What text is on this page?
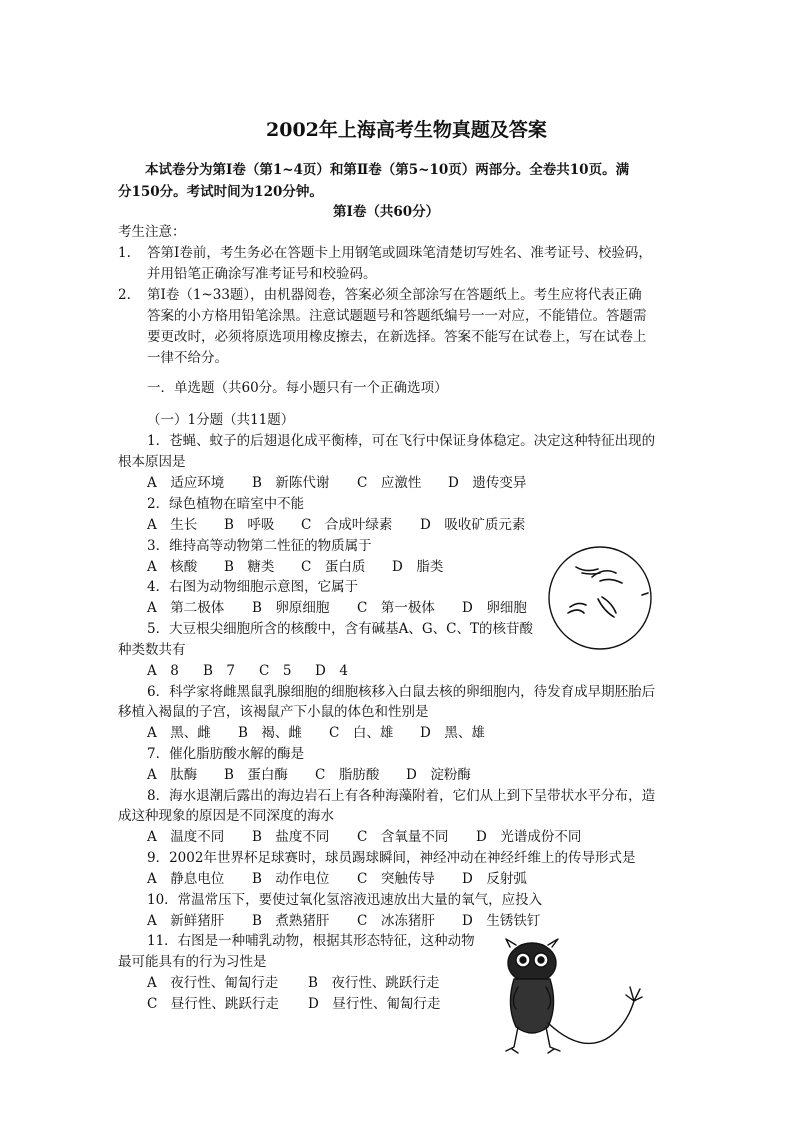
2002年上海高考生物真题及答案
本试卷分为第Ⅰ卷（第1~4页）和第Ⅱ卷（第5~10页）两部分。全卷共10页。满
分150分。考试时间为120分钟。
第Ⅰ卷（共60分）
考生注意：
1. 答第Ⅰ卷前，考生务必在答题卡上用钢笔或圆珠笔清楚切写姓名、准考证号、校验码，
并用铅笔正确涂写准考证号和校验码。
2. 第Ⅰ卷（1~33题），由机器阅卷，答案必须全部涂写在答题纸上。考生应将代表正确
答案的小方格用铅笔涂黑。注意试题题号和答题纸编号一一对应，不能错位。答题需
要更改时，必须将原选项用橡皮擦去，在新选择。答案不能写在试卷上，写在试卷上
一律不给分。
一．单选题（共60分。每小题只有一个正确选项）
（一）1分题（共11题）
1．苍蝇、蚊子的后翅退化成平衡棒，可在飞行中保证身体稳定。决定这种特征出现的
根本原因是
A　适应环境 B　新陈代谢 C　应激性 D　遗传变异
2．绿色植物在暗室中不能
A　生长 B　呼吸 C　合成叶绿素 D　吸收矿质元素
3．维持高等动物第二性征的物质属于
A　核酸 B　糖类 C　蛋白质 D　脂类
4．右图为动物细胞示意图，它属于
A　第二极体 B　卵原细胞 C　第一极体 D　卵细胞
5．大豆根尖细胞所含的核酸中，含有碱基A、G、C、T的核苷酸
种类数共有
A　8 B　7 C　5 D　4
6．科学家将雌黑鼠乳腺细胞的细胞核移入白鼠去核的卵细胞内，待发育成早期胚胎后
移植入褐鼠的子宫，该褐鼠产下小鼠的体色和性别是
A　黑、雌 B　褐、雌 C　白、雄 D　黑、雄
7．催化脂肪酸水解的酶是
A　肽酶 B　蛋白酶 C　脂肪酸 D　淀粉酶
8．海水退潮后露出的海边岩石上有各种海藻附着，它们从上到下呈带状水平分布，造
成这种现象的原因是不同深度的海水
A　温度不同 B　盐度不同 C　含氧量不同 D　光谱成份不同
9．2002年世界杯足球赛时，球员踢球瞬间，神经冲动在神经纤维上的传导形式是
A　静息电位 B　动作电位 C　突触传导 D　反射弧
10．常温常压下，要使过氧化氢溶液迅速放出大量的氧气，应投入
A　新鲜猪肝 B　煮熟猪肝 C　冰冻猪肝 D　生锈铁钉
11．右图是一种哺乳动物，根据其形态特征，这种动物
最可能具有的行为习性是
A　夜行性、匍匐行走 B　夜行性、跳跃行走
C　昼行性、跳跃行走 D　昼行性、匍匐行走
